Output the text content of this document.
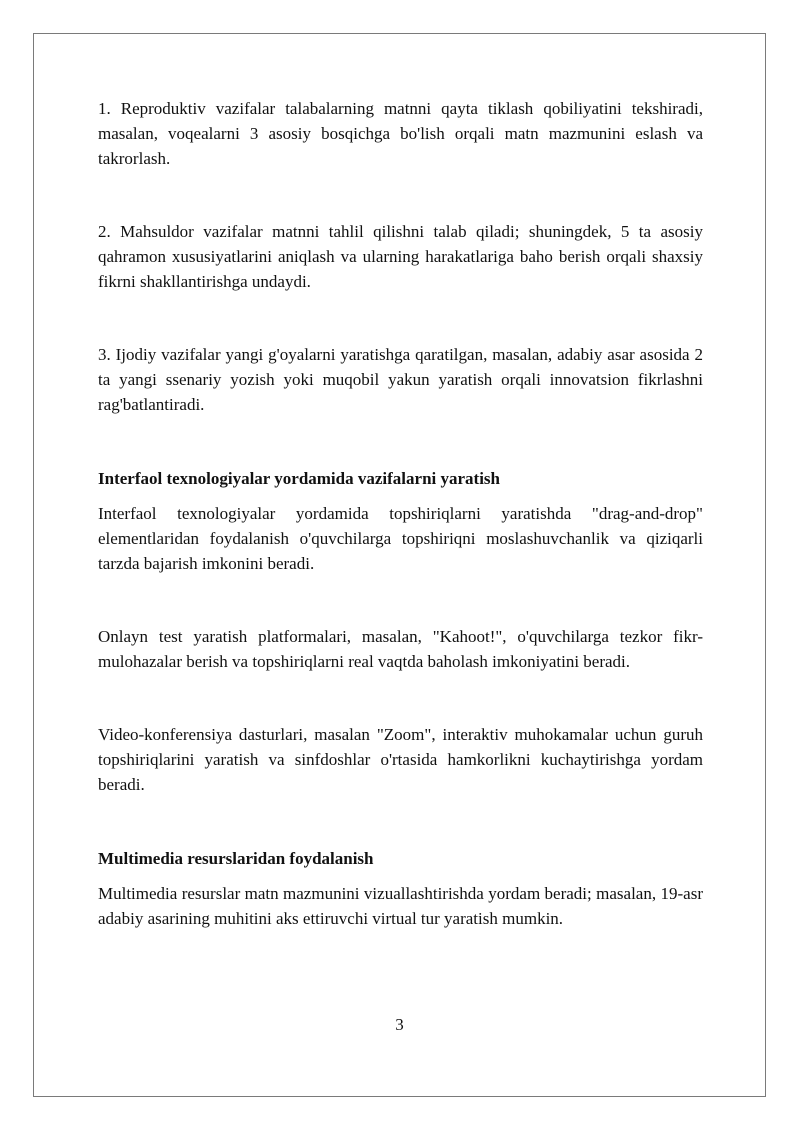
1. Reproduktiv vazifalar talabalarning matnni qayta tiklash qobiliyatini tekshiradi, masalan, voqealarni 3 asosiy bosqichga bo'lish orqali matn mazmunini eslash va takrorlash.

2. Mahsuldor vazifalar matnni tahlil qilishni talab qiladi; shuningdek, 5 ta asosiy qahramon xususiyatlarini aniqlash va ularning harakatlariga baho berish orqali shaxsiy fikrni shakllantirishga undaydi.

3. Ijodiy vazifalar yangi g'oyalarni yaratishga qaratilgan, masalan, adabiy asar asosida 2 ta yangi ssenariy yozish yoki muqobil yakun yaratish orqali innovatsion fikrlashni rag'batlantiradi.

Interfaol texnologiyalar yordamida vazifalarni yaratish

Interfaol texnologiyalar yordamida topshiriqlarni yaratishda "drag-and-drop" elementlaridan foydalanish o'quvchilarga topshiriqni moslashuvchanlik va qiziqarli tarzda bajarish imkonini beradi.

Onlayn test yaratish platformalari, masalan, "Kahoot!", o'quvchilarga tezkor fikr-mulohazalar berish va topshiriqlarni real vaqtda baholash imkoniyatini beradi.

Video-konferensiya dasturlari, masalan "Zoom", interaktiv muhokamalar uchun guruh topshiriqlarini yaratish va sinfdoshlar o'rtasida hamkorlikni kuchaytirishga yordam beradi.

Multimedia resurslaridan foydalanish

Multimedia resurslar matn mazmunini vizuallashtirishda yordam beradi; masalan, 19-asr adabiy asarining muhitini aks ettiruvchi virtual tur yaratish mumkin.

3
